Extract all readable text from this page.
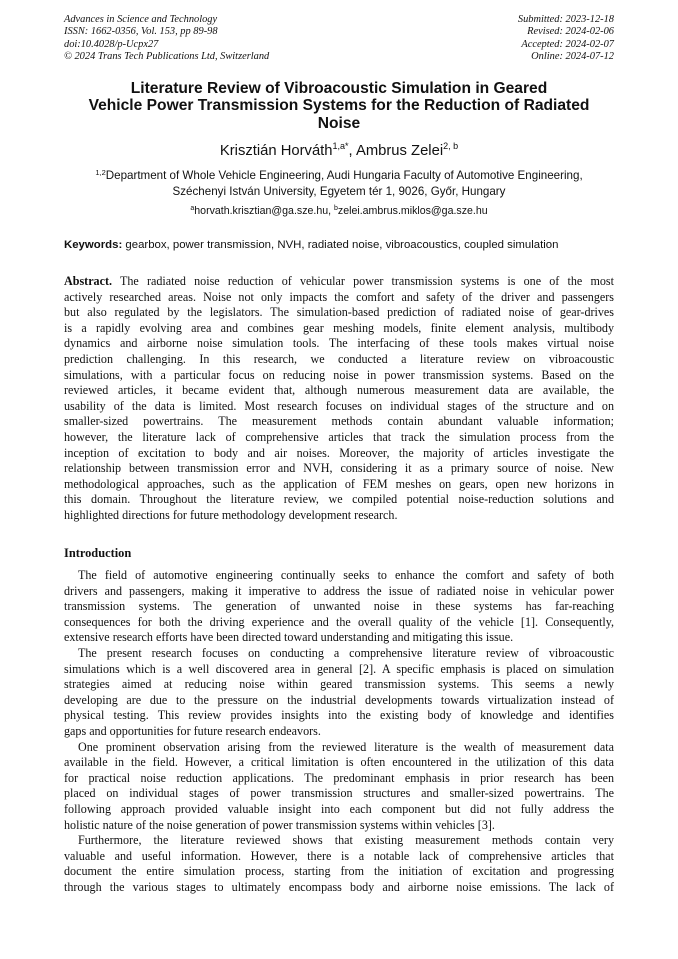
Advances in Science and Technology
ISSN: 1662-0356, Vol. 153, pp 89-98
doi:10.4028/p-Ucpx27
© 2024 Trans Tech Publications Ltd, Switzerland
Submitted: 2023-12-18
Revised: 2024-02-06
Accepted: 2024-02-07
Online: 2024-07-12
Literature Review of Vibroacoustic Simulation in Geared
Vehicle Power Transmission Systems for the Reduction of Radiated
Noise
Krisztián Horváth$^{1,a*}$, Ambrus Zelei$^{2, b}$
$^{1,2}$Department of Whole Vehicle Engineering, Audi Hungaria Faculty of Automotive Engineering,
Széchenyi István University, Egyetem tér 1, 9026, Győr, Hungary
$^a$horvath.krisztian@ga.sze.hu, $^b$zelei.ambrus.miklos@ga.sze.hu
Keywords: gearbox, power transmission, NVH, radiated noise, vibroacoustics, coupled simulation
Abstract. The radiated noise reduction of vehicular power transmission systems is one of the most
actively researched areas. Noise not only impacts the comfort and safety of the driver and passengers
but also regulated by the legislators. The simulation-based prediction of radiated noise of gear-drives
is a rapidly evolving area and combines gear meshing models, finite element analysis, multibody
dynamics and airborne noise simulation tools. The interfacing of these tools makes virtual noise
prediction challenging. In this research, we conducted a literature review on vibroacoustic
simulations, with a particular focus on reducing noise in power transmission systems. Based on the
reviewed articles, it became evident that, although numerous measurement data are available, the
usability of the data is limited. Most research focuses on individual stages of the structure and on
smaller-sized powertrains. The measurement methods contain abundant valuable information;
however, the literature lack of comprehensive articles that track the simulation process from the
inception of excitation to body and air noises. Moreover, the majority of articles investigate the
relationship between transmission error and NVH, considering it as a primary source of noise. New
methodological approaches, such as the application of FEM meshes on gears, open new horizons in
this domain. Throughout the literature review, we compiled potential noise-reduction solutions and
highlighted directions for future methodology development research.
Introduction
The field of automotive engineering continually seeks to enhance the comfort and safety of both
drivers and passengers, making it imperative to address the issue of radiated noise in vehicular power
transmission systems. The generation of unwanted noise in these systems has far-reaching
consequences for both the driving experience and the overall quality of the vehicle [1]. Consequently,
extensive research efforts have been directed toward understanding and mitigating this issue.
The present research focuses on conducting a comprehensive literature review of vibroacoustic
simulations which is a well discovered area in general [2]. A specific emphasis is placed on simulation
strategies aimed at reducing noise within geared transmission systems. This seems a newly
developing are due to the pressure on the industrial developments towards virtualization instead of
physical testing. This review provides insights into the existing body of knowledge and identifies
gaps and opportunities for future research endeavors.
One prominent observation arising from the reviewed literature is the wealth of measurement data
available in the field. However, a critical limitation is often encountered in the utilization of this data
for practical noise reduction applications. The predominant emphasis in prior research has been
placed on individual stages of power transmission structures and smaller-sized powertrains. The
following approach provided valuable insight into each component but did not fully address the
holistic nature of the noise generation of power transmission systems within vehicles [3].
Furthermore, the literature reviewed shows that existing measurement methods contain very
valuable and useful information. However, there is a notable lack of comprehensive articles that
document the entire simulation process, starting from the initiation of excitation and progressing
through the various stages to ultimately encompass body and airborne noise emissions. The lack of
